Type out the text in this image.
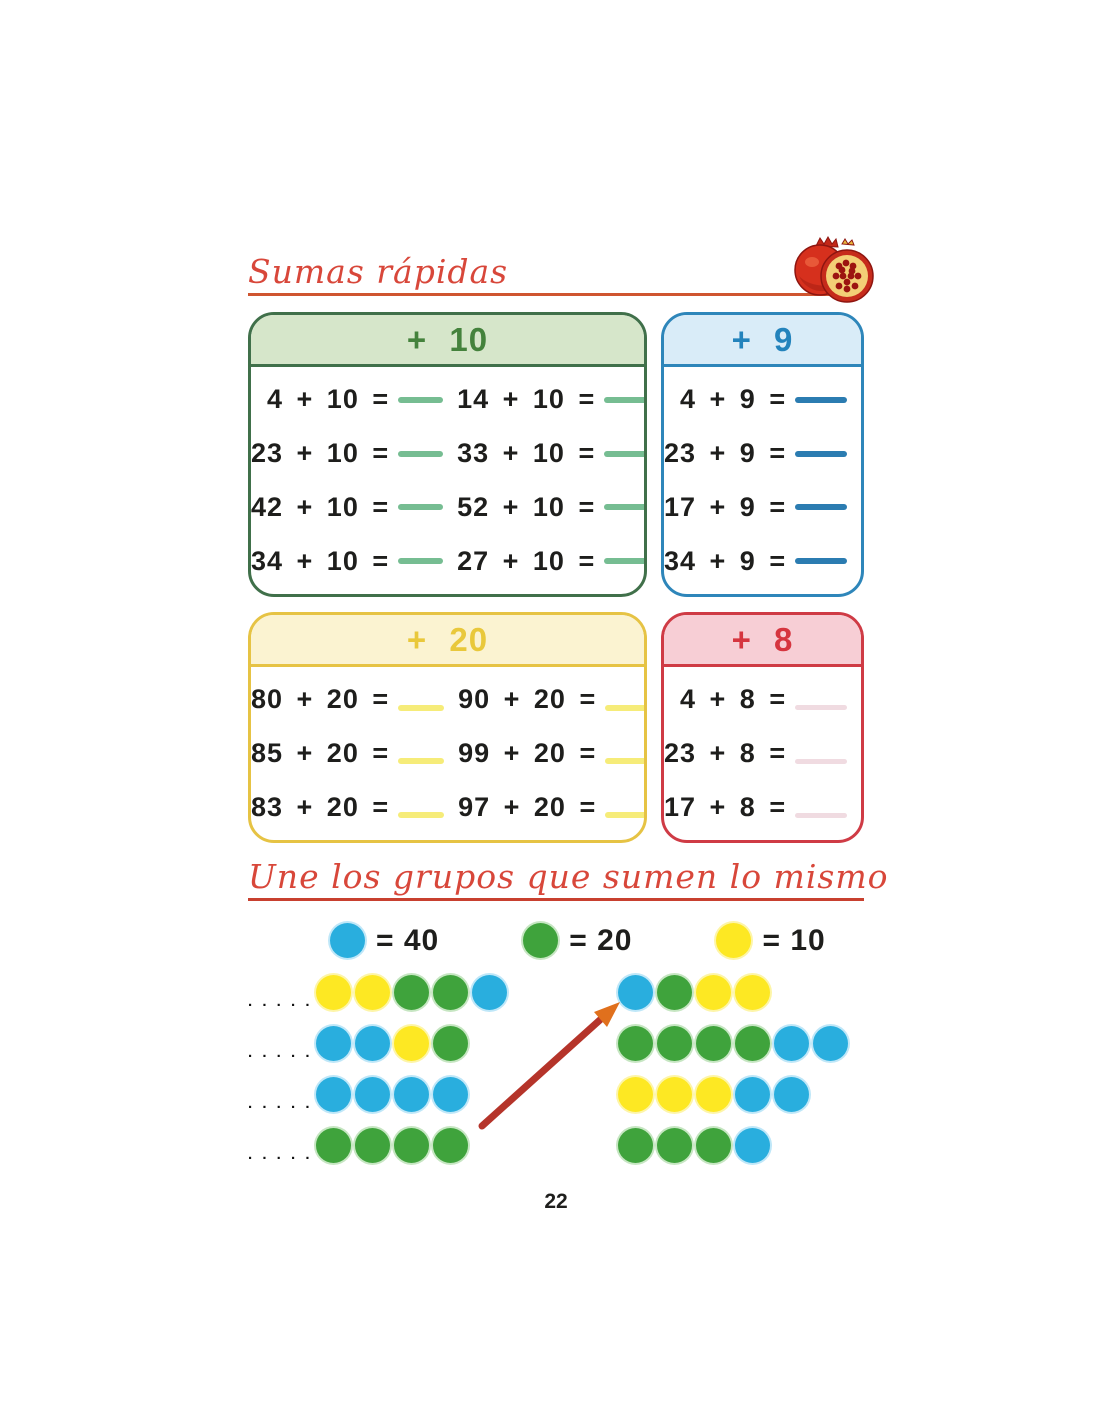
Sumas rápidas
+ 10
4 + 10 =	14 + 10 =
23 + 10 =	33 + 10 =
42 + 10 =	52 + 10 =
34 + 10 =	27 + 10 =
+ 9
4 + 9 =
23 + 9 =
17 + 9 =
34 + 9 =
+ 20
80 + 20 =	90 + 20 =
85 + 20 =	99 + 20 =
83 + 20 =	97 + 20 =
+ 8
4 + 8 =
23 + 8 =
17 + 8 =
Une los grupos que sumen lo mismo
= 40	= 20	= 10
. . . . .
. . . . .
. . . . .
. . . . .
22
